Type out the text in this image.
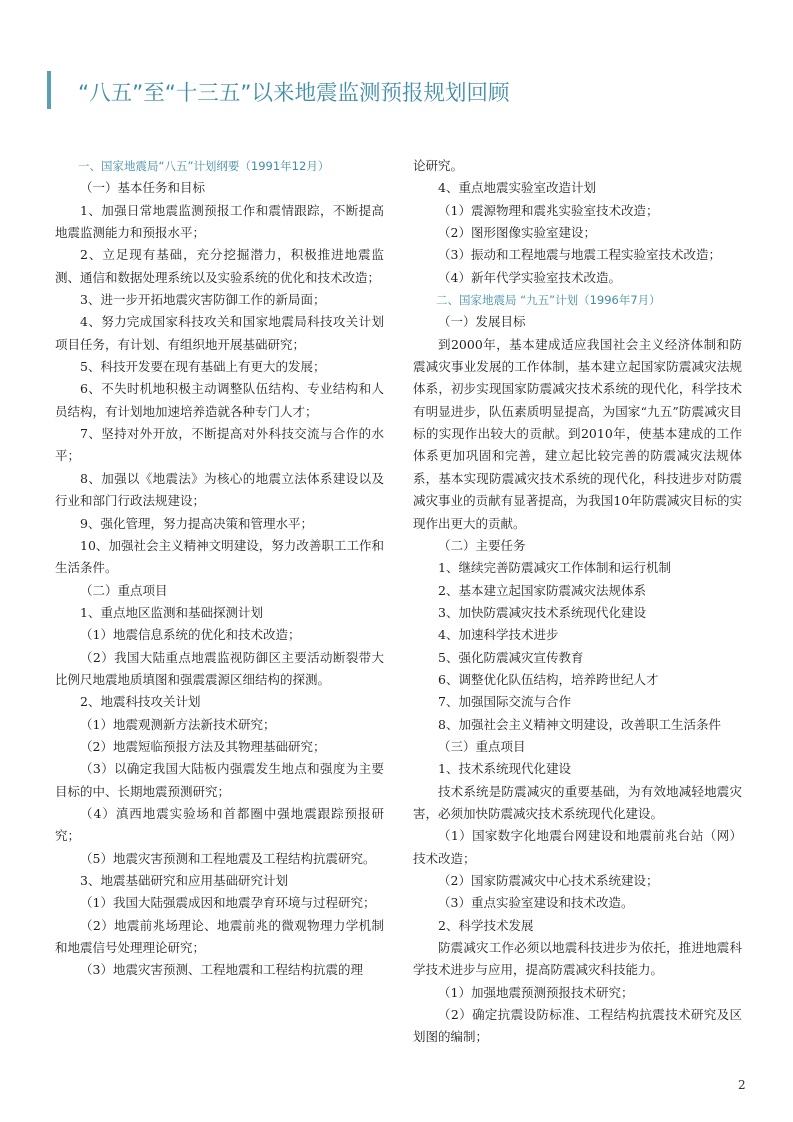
“八五”至“十三五”以来地震监测预报规划回顾

一、国家地震局“八五”计划纲要（1991年12月）

（一）基本任务和目标

1、加强日常地震监测预报工作和震情跟踪，不断提高地震监测能力和预报水平；

2、立足现有基础，充分挖掘潜力，积极推进地震监测、通信和数据处理系统以及实验系统的优化和技术改造；

3、进一步开拓地震灾害防御工作的新局面；

4、努力完成国家科技攻关和国家地震局科技攻关计划项目任务，有计划、有组织地开展基础研究；

5、科技开发要在现有基础上有更大的发展；

6、不失时机地积极主动调整队伍结构、专业结构和人员结构，有计划地加速培养造就各种专门人才；

7、坚持对外开放，不断提高对外科技交流与合作的水平；

8、加强以《地震法》为核心的地震立法体系建设以及行业和部门行政法规建设；

9、强化管理，努力提高决策和管理水平；

10、加强社会主义精神文明建设，努力改善职工工作和生活条件。

（二）重点项目

1、重点地区监测和基础探测计划

（1）地震信息系统的优化和技术改造；

（2）我国大陆重点地震监视防御区主要活动断裂带大比例尺地震地质填图和强震震源区细结构的探测。

2、地震科技攻关计划

（1）地震观测新方法新技术研究；

（2）地震短临预报方法及其物理基础研究；

（3）以确定我国大陆板内强震发生地点和强度为主要目标的中、长期地震预测研究；

（4）滇西地震实验场和首都圈中强地震跟踪预报研究；

（5）地震灾害预测和工程地震及工程结构抗震研究。

3、地震基础研究和应用基础研究计划

（1）我国大陆强震成因和地震孕育环境与过程研究；

（2）地震前兆场理论、地震前兆的微观物理力学机制和地震信号处理理论研究；

（3）地震灾害预测、工程地震和工程结构抗震的理

论研究。

4、重点地震实验室改造计划

（1）震源物理和震兆实验室技术改造；

（2）图形图像实验室建设；

（3）振动和工程地震与地震工程实验室技术改造；

（4）新年代学实验室技术改造。

二、国家地震局 “九五”计划（1996年7月）

（一）发展目标

到2000年，基本建成适应我国社会主义经济体制和防震减灾事业发展的工作体制，基本建立起国家防震减灾法规体系，初步实现国家防震减灾技术系统的现代化，科学技术有明显进步，队伍素质明显提高，为国家“九五”防震减灾目标的实现作出较大的贡献。到2010年，使基本建成的工作体系更加巩固和完善，建立起比较完善的防震减灾法规体系，基本实现防震减灾技术系统的现代化，科技进步对防震减灾事业的贡献有显著提高，为我国10年防震减灾目标的实现作出更大的贡献。

（二）主要任务

1、继续完善防震减灾工作体制和运行机制

2、基本建立起国家防震减灾法规体系

3、加快防震减灾技术系统现代化建设

4、加速科学技术进步

5、强化防震减灾宣传教育

6、调整优化队伍结构，培养跨世纪人才

7、加强国际交流与合作

8、加强社会主义精神文明建设，改善职工生活条件

（三）重点项目

1、技术系统现代化建设

技术系统是防震减灾的重要基础，为有效地减轻地震灾害，必须加快防震减灾技术系统现代化建设。

（1）国家数字化地震台网建设和地震前兆台站（网）技术改造；

（2）国家防震减灾中心技术系统建设；

（3）重点实验室建设和技术改造。

2、科学技术发展

防震减灾工作必须以地震科技进步为依托，推进地震科学技术进步与应用，提高防震减灾科技能力。

（1）加强地震预测预报技术研究；

（2）确定抗震设防标准、工程结构抗震技术研究及区划图的编制；

2
